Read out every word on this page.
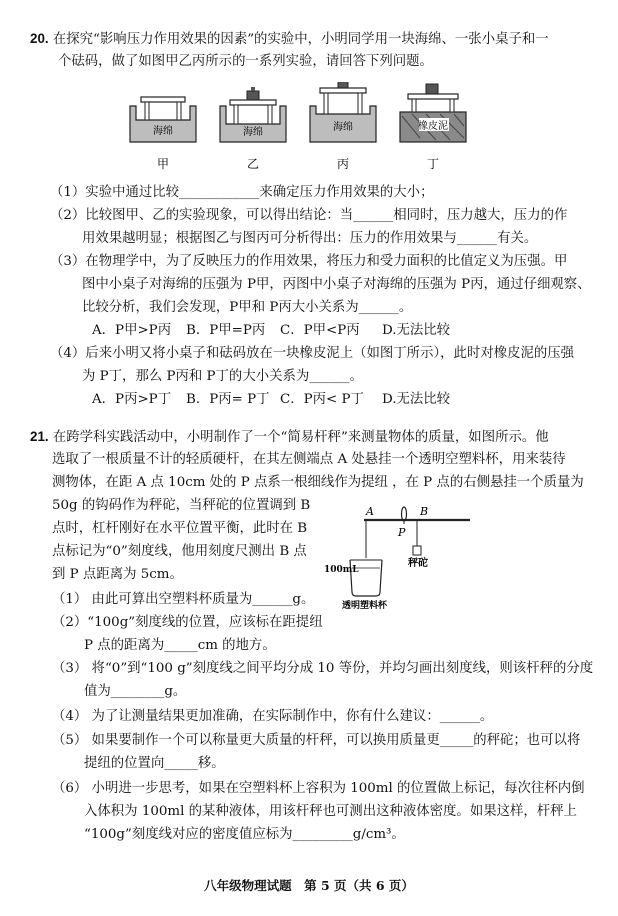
20. 在探究“影响压力作用效果的因素”的实验中，小明同学用一块海绵、一张小桌子和一
个砝码，做了如图甲乙丙所示的一系列实验，请回答下列问题。
海绵
甲
海绵
乙
海绵
丙
橡皮泥
丁
（1）实验中通过比较____________来确定压力作用效果的大小；
（2）比较图甲、乙的实验现象，可以得出结论：当______相同时，压力越大，压力的作
用效果越明显；根据图乙与图丙可分析得出：压力的作用效果与______有关。
（3）在物理学中，为了反映压力的作用效果，将压力和受力面积的比值定义为压强。甲
图中小桌子对海绵的压强为 P甲，丙图中小桌子对海绵的压强为 P丙，通过仔细观察、
比较分析，我们会发现，P甲和 P丙大小关系为______。
A．P甲>P丙 B．P甲=P丙 C．P甲<P丙 D.无法比较
（4）后来小明又将小桌子和砝码放在一块橡皮泥上（如图丁所示），此时对橡皮泥的压强
为 P丁，那么 P丙和 P丁的大小关系为______。
A．P丙>P丁 B．P丙= P丁 C．P丙< P丁 D.无法比较
21. 在跨学科实践活动中，小明制作了一个“简易杆秤”来测量物体的质量，如图所示。他
选取了一根质量不计的轻质硬杆，在其左侧端点 A 处悬挂一个透明空塑料杯，用来装待
测物体，在距 A 点 10cm 处的 P 点系一根细线作为提纽 ，在 P 点的右侧悬挂一个质量为
50g 的钩码作为秤砣，当秤砣的位置调到 B
点时，杠杆刚好在水平位置平衡，此时在 B
点标记为“0”刻度线，他用刻度尺测出 B 点
到 P 点距离为 5cm。
A	B
P
秤砣
100mL
透明塑料杯
（1） 由此可算出空塑料杯质量为______g。
（2）“100g”刻度线的位置，应该标在距提纽
P 点的距离为_____cm 的地方。
（3） 将“0”到“100 g”刻度线之间平均分成 10 等份，并均匀画出刻度线，则该杆秤的分度
值为________g。
（4） 为了让测量结果更加准确，在实际制作中，你有什么建议：______。
（5） 如果要制作一个可以称量更大质量的杆秤，可以换用质量更_____的秤砣；也可以将
提纽的位置向_____移。
（6） 小明进一步思考，如果在空塑料杯上容积为 100ml 的位置做上标记，每次往杯内倒
入体积为 100ml 的某种液体，用该杆秤也可测出这种液体密度。如果这样，杆秤上
“100g”刻度线对应的密度值应标为_________g/cm³。
八年级物理试题　第 5 页（共 6 页）
